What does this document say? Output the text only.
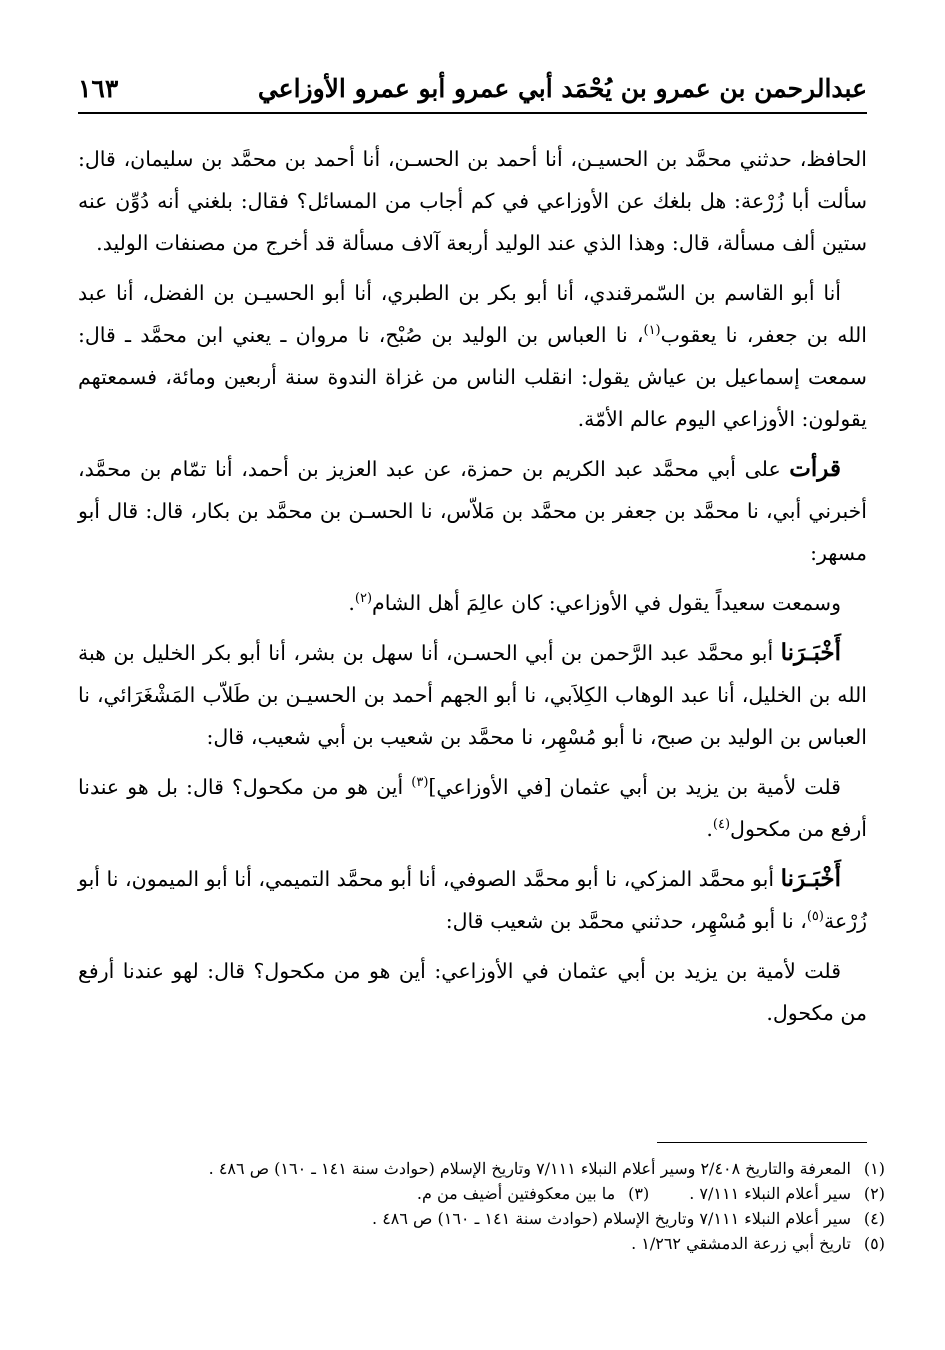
عبدالرحمن بن عمرو بن يُحْمَد أبي عمرو أبو عمرو الأوزاعي
١٦٣

الحافظ، حدثني محمَّد بن الحسيـن، أنا أحمد بن الحسـن، أنا أحمد بن محمَّد بن سليمان، قال: سألت أبا زُرْعة: هل بلغك عن الأوزاعي في كم أجاب من المسائل؟ فقال: بلغني أنه دُوِّن عنه ستين ألف مسألة، قال: وهذا الذي عند الوليد أربعة آلاف مسألة قد أخرج من مصنفات الوليد.

أنا أبو القاسم بن السّمرقندي، أنا أبو بكر بن الطبري، أنا أبو الحسيـن بن الفضل، أنا عبد الله بن جعفر، نا يعقوب$^{(١)}$، نا العباس بن الوليد بن صُبْح، نا مروان ـ يعني ابن محمَّد ـ قال: سمعت إسماعيل بن عياش يقول: انقلب الناس من غزاة الندوة سنة أربعين ومائة، فسمعتهم يقولون: الأوزاعي اليوم عالم الأمّة.

قرأت على أبي محمَّد عبد الكريم بن حمزة، عن عبد العزيز بن أحمد، أنا تمّام بن محمَّد، أخبرني أبي، نا محمَّد بن جعفر بن محمَّد بن مَلاّس، نا الحسـن بن محمَّد بن بكار، قال: قال أبو مسهر:

وسمعت سعيداً يقول في الأوزاعي: كان عالِمَ أهل الشام$^{(٢)}$.

أَخْبَـرَنا أبو محمَّد عبد الرَّحمن بن أبي الحسـن، أنا سهل بن بشر، أنا أبو بكر الخليل بن هبة الله بن الخليل، أنا عبد الوهاب الكِلاَبي، نا أبو الجهم أحمد بن الحسيـن بن طَلاّب المَشْغَرَائي، نا العباس بن الوليد بن صبح، نا أبو مُسْهِر، نا محمَّد بن شعيب بن أبي شعيب، قال:

قلت لأمية بن يزيد بن أبي عثمان [في الأوزاعي]$^{(٣)}$ أين هو من مكحول؟ قال: بل هو عندنا أرفع من مكحول$^{(٤)}$.

أَخْبَـرَنا أبو محمَّد المزكي، نا أبو محمَّد الصوفي، أنا أبو محمَّد التميمي، أنا أبو الميمون، نا أبو زُرْعة$^{(٥)}$، نا أبو مُسْهِر، حدثني محمَّد بن شعيب قال:

قلت لأمية بن يزيد بن أبي عثمان في الأوزاعي: أين هو من مكحول؟ قال: لهو عندنا أرفع من مكحول.

(١)المعرفة والتاريخ ٢/٤٠٨ وسير أعلام النبلاء ٧/١١١ وتاريخ الإسلام (حوادث سنة ١٤١ ـ ١٦٠) ص ٤٨٦ .

(٢)سير أعلام النبلاء ٧/١١١ .(٣)ما بين معكوفتين أضيف من م.

(٤)سير أعلام النبلاء ٧/١١١ وتاريخ الإسلام (حوادث سنة ١٤١ ـ ١٦٠) ص ٤٨٦ .

(٥)تاريخ أبي زرعة الدمشقي ١/٢٦٢ .
